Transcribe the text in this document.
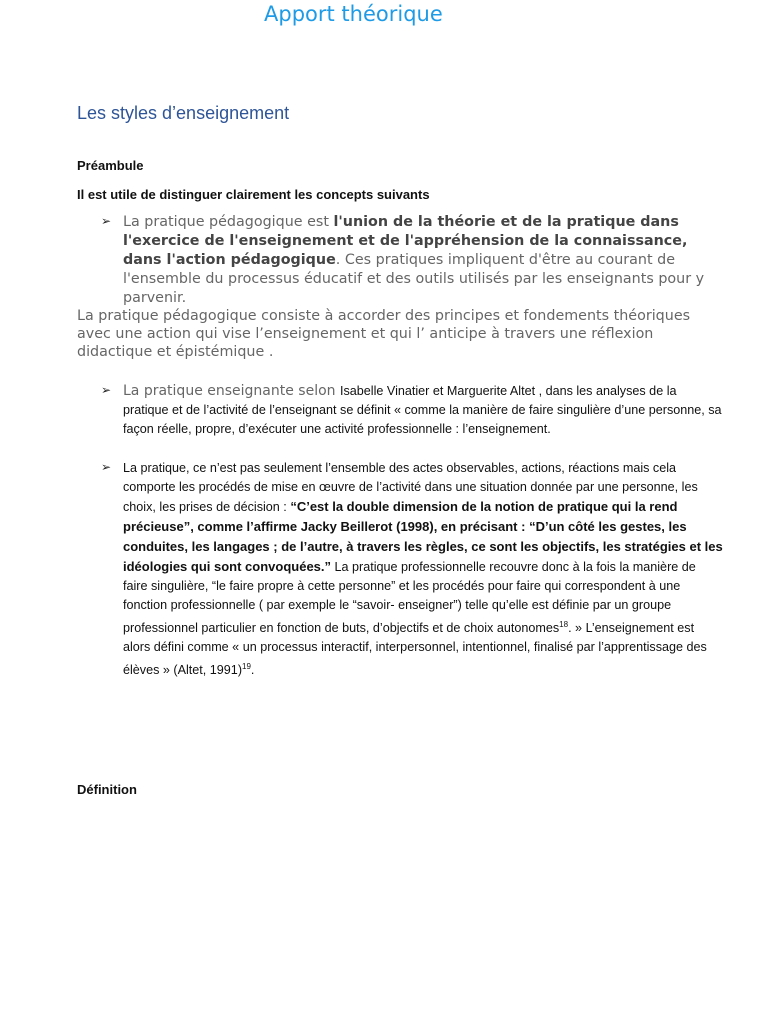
Apport théorique
Les styles d’enseignement
Préambule
Il est utile de distinguer clairement les concepts suivants
➢ La pratique pédagogique est l'union de la théorie et de la pratique dans l'exercice de l'enseignement et de l'appréhension de la connaissance, dans l'action pédagogique. Ces pratiques impliquent d'être au courant de l'ensemble du processus éducatif et des outils utilisés par les enseignants pour y parvenir.
La pratique pédagogique consiste à accorder des principes et fondements théoriques avec une action qui vise l’enseignement et qui l’ anticipe à travers une réflexion didactique et épistémique .
➢ La pratique enseignante selon Isabelle Vinatier et Marguerite Altet , dans les analyses de la pratique et de l’activité de l’enseignant se définit « comme la manière de faire singulière d’une personne, sa façon réelle, propre, d’exécuter une activité professionnelle : l’enseignement.
➢ La pratique, ce n’est pas seulement l’ensemble des actes observables, actions, réactions mais cela comporte les procédés de mise en œuvre de l’activité dans une situation donnée par une personne, les choix, les prises de décision : “C’est la double dimension de la notion de pratique qui la rend précieuse”, comme l’affirme Jacky Beillerot (1998), en précisant : “D’un côté les gestes, les conduites, les langages ; de l’autre, à travers les règles, ce sont les objectifs, les stratégies et les idéologies qui sont convoquées.” La pratique professionnelle recouvre donc à la fois la manière de faire singulière, “le faire propre à cette personne” et les procédés pour faire qui correspondent à une fonction professionnelle ( par exemple le “savoir- enseigner”) telle qu’elle est définie par un groupe professionnel particulier en fonction de buts, d’objectifs et de choix autonomes$^{18}$. » L’enseignement est alors défini comme « un processus interactif, interpersonnel, intentionnel, finalisé par l’apprentissage des élèves » (Altet, 1991)$^{19}$.
Définition
